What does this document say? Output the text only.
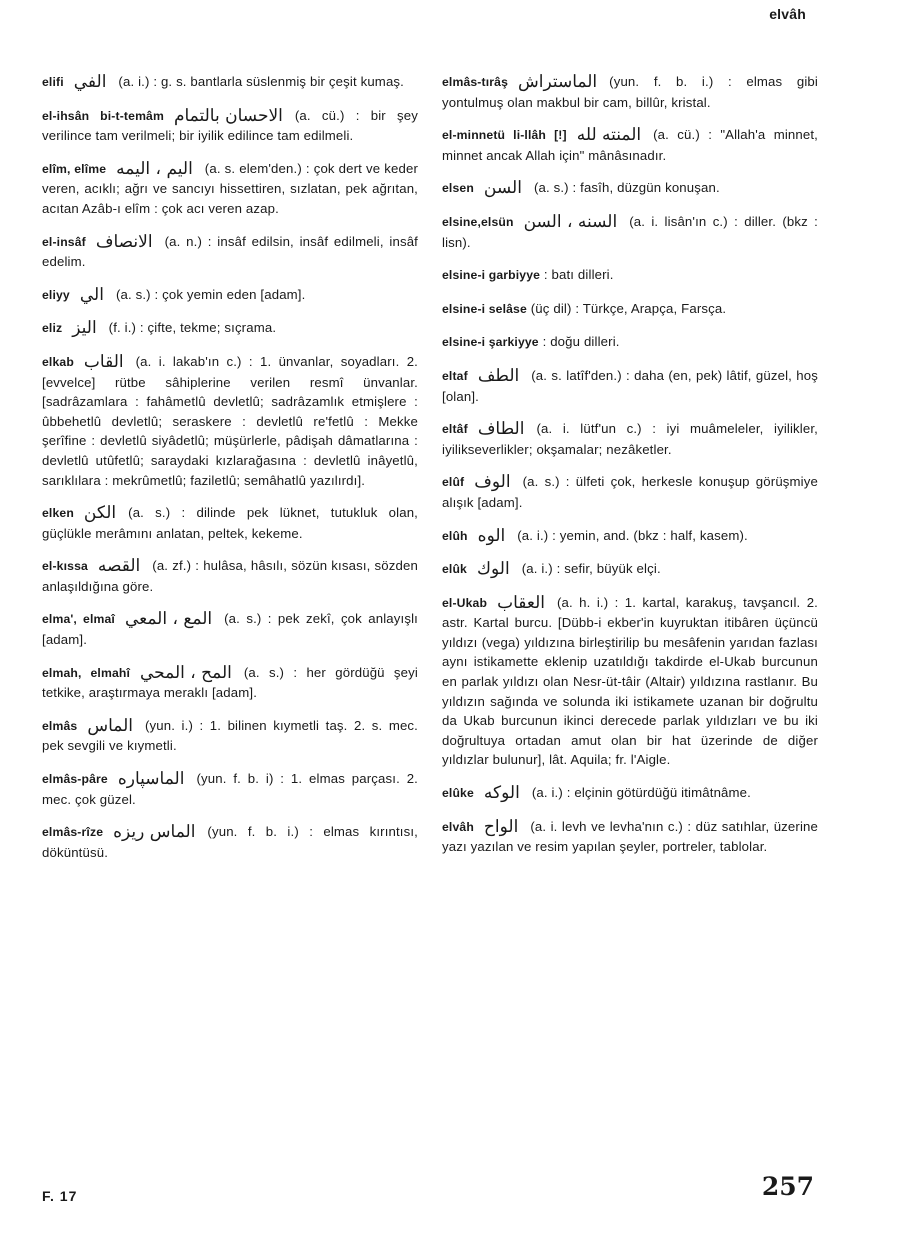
elvâh
elifi الفي (a. i.) : g. s. bantlarla süslenmiş bir çeşit kumaş.
el-ihsân bi-t-temâm الاحسان بالتمام (a. cü.) : bir şey verilince tam verilmeli; bir iyilik edilince tam edilmeli.
elîm, elîme اليم ، اليمه (a. s. elem'den.) : çok dert ve keder veren, acıklı; ağrı ve sancıyı hissettiren, sızlatan, pek ağrıtan, acıtan Azâb-ı elîm : çok acı veren azap.
el-insâf الانصاف (a. n.) : insâf edilsin, insâf edilmeli, insâf edelim.
eliyy الي (a. s.) : çok yemin eden [adam].
eliz اليز (f. i.) : çifte, tekme; sıçrama.
elkab القاب (a. i. lakab'ın c.) : 1. ünvanlar, soyadları. 2. [evvelce] rütbe sâhiplerine verilen resmî ünvanlar. [sadrâzamlara : fahâmetlû devletlû; sadrâzamlık etmişlere : ûbbehetlû devletlû; seraskere : devletlû re'fetlû : Mekke şerîfine : devletlû siyâdetlû; müşürlerle, pâdişah dâmatlarına : devletlû utûfetlû; saraydaki kızlarağasına : devletlû inâyetlû, sarıklılara : mekrûmetlû; faziletlû; semâhatlû yazılırdı].
elken الكن (a. s.) : dilinde pek lüknet, tutukluk olan, güçlükle merâmını anlatan, peltek, kekeme.
el-kıssa القصه (a. zf.) : hulâsa, hâsılı, sözün kısası, sözden anlaşıldığına göre.
elma', elmaî المع ، المعي (a. s.) : pek zekî, çok anlayışlı [adam].
elmah, elmahî المح ، المحي (a. s.) : her gördüğü şeyi tetkike, araştırmaya meraklı [adam].
elmâs الماس (yun. i.) : 1. bilinen kıymetli taş. 2. s. mec. pek sevgili ve kıymetli.
elmâs-pâre الماسپاره (yun. f. b. i) : 1. elmas parçası. 2. mec. çok güzel.
elmâs-rîze الماس ريزه (yun. f. b. i.) : elmas kırıntısı, döküntüsü.
elmâs-tırâş الماستراش (yun. f. b. i.) : elmas gibi yontulmuş olan makbul bir cam, billûr, kristal.
el-minnetü li-llâh [!] المنته لله (a. cü.) : "Allah'a minnet, minnet ancak Allah için" mânâsınadır.
elsen السن (a. s.) : fasîh, düzgün konuşan.
elsine,elsün السنه ، السن (a. i. lisân'ın c.) : diller. (bkz : lisn).
elsine-i garbiyye : batı dilleri.
elsine-i selâse (üç dil) : Türkçe, Arapça, Farsça.
elsine-i şarkiyye : doğu dilleri.
eltaf الطف (a. s. latîf'den.) : daha (en, pek) lâtif, güzel, hoş [olan].
eltâf الطاف (a. i. lütf'un c.) : iyi muâmeleler, iyilikler, iyilikseverlikler; okşamalar; nezâketler.
elûf الوف (a. s.) : ülfeti çok, herkesle konuşup görüşmiye alışık [adam].
elûh الوه (a. i.) : yemin, and. (bkz : half, kasem).
elûk الوك (a. i.) : sefir, büyük elçi.
el-Ukab العقاب (a. h. i.) : 1. kartal, karakuş, tavşancıl. 2. astr. Kartal burcu. [Dübb-i ekber'in kuyruktan itibâren üçüncü yıldızı (vega) yıldızına birleştirilip bu mesâfenin yarıdan fazlası aynı istikamette eklenip uzatıldığı takdirde el-Ukab burcunun en parlak yıldızı olan Nesr-üt-tâir (Altair) yıldızına rastlanır. Bu yıldızın sağında ve solunda iki istikamete uzanan bir doğrultu da Ukab burcunun ikinci derecede parlak yıldızları ve bu iki doğrultuya ortadan amut olan bir hat üzerinde de diğer yıldızlar bulunur], lât. Aquila; fr. l'Aigle.
elûke الوكه (a. i.) : elçinin götürdüğü itimâtnâme.
elvâh الواح (a. i. levh ve levha'nın c.) : düz satıhlar, üzerine yazı yazılan ve resim yapılan şeyler, portreler, tablolar.
F. 17	257
